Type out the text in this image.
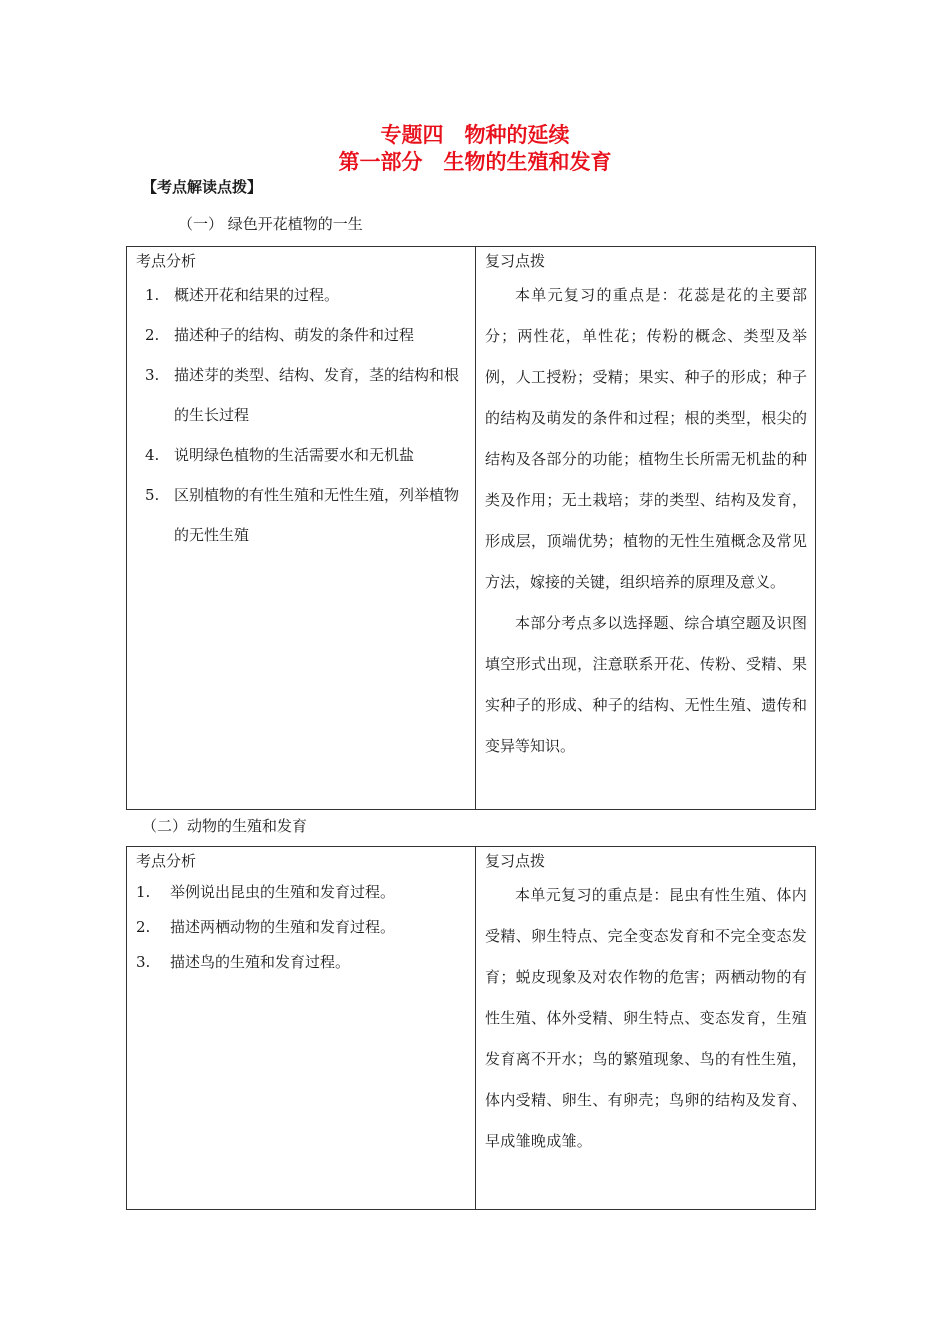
专题四　物种的延续
第一部分　生物的生殖和发育
【考点解读点拨】
（一） 绿色开花植物的一生
考点分析
1. 概述开花和结果的过程。
2. 描述种子的结构、萌发的条件和过程
3. 描述芽的类型、结构、发育，茎的结构和根的生长过程
4. 说明绿色植物的生活需要水和无机盐
5. 区别植物的有性生殖和无性生殖，列举植物的无性生殖

复习点拨

本单元复习的重点是：花蕊是花的主要部分；两性花，单性花；传粉的概念、类型及举例，人工授粉；受精；果实、种子的形成；种子的结构及萌发的条件和过程；根的类型，根尖的结构及各部分的功能；植物生长所需无机盐的种类及作用；无土栽培；芽的类型、结构及发育，形成层，顶端优势；植物的无性生殖概念及常见方法，嫁接的关键，组织培养的原理及意义。

本部分考点多以选择题、综合填空题及识图填空形式出现，注意联系开花、传粉、受精、果实种子的形成、种子的结构、无性生殖、遗传和变异等知识。

（二）动物的生殖和发育
考点分析
1. 举例说出昆虫的生殖和发育过程。
2. 描述两栖动物的生殖和发育过程。
3. 描述鸟的生殖和发育过程。

复习点拨

本单元复习的重点是：昆虫有性生殖、体内受精、卵生特点、完全变态发育和不完全变态发育；蜕皮现象及对农作物的危害；两栖动物的有性生殖、体外受精、卵生特点、变态发育，生殖发育离不开水；鸟的繁殖现象、鸟的有性生殖，体内受精、卵生、有卵壳；鸟卵的结构及发育、早成雏晚成雏。
